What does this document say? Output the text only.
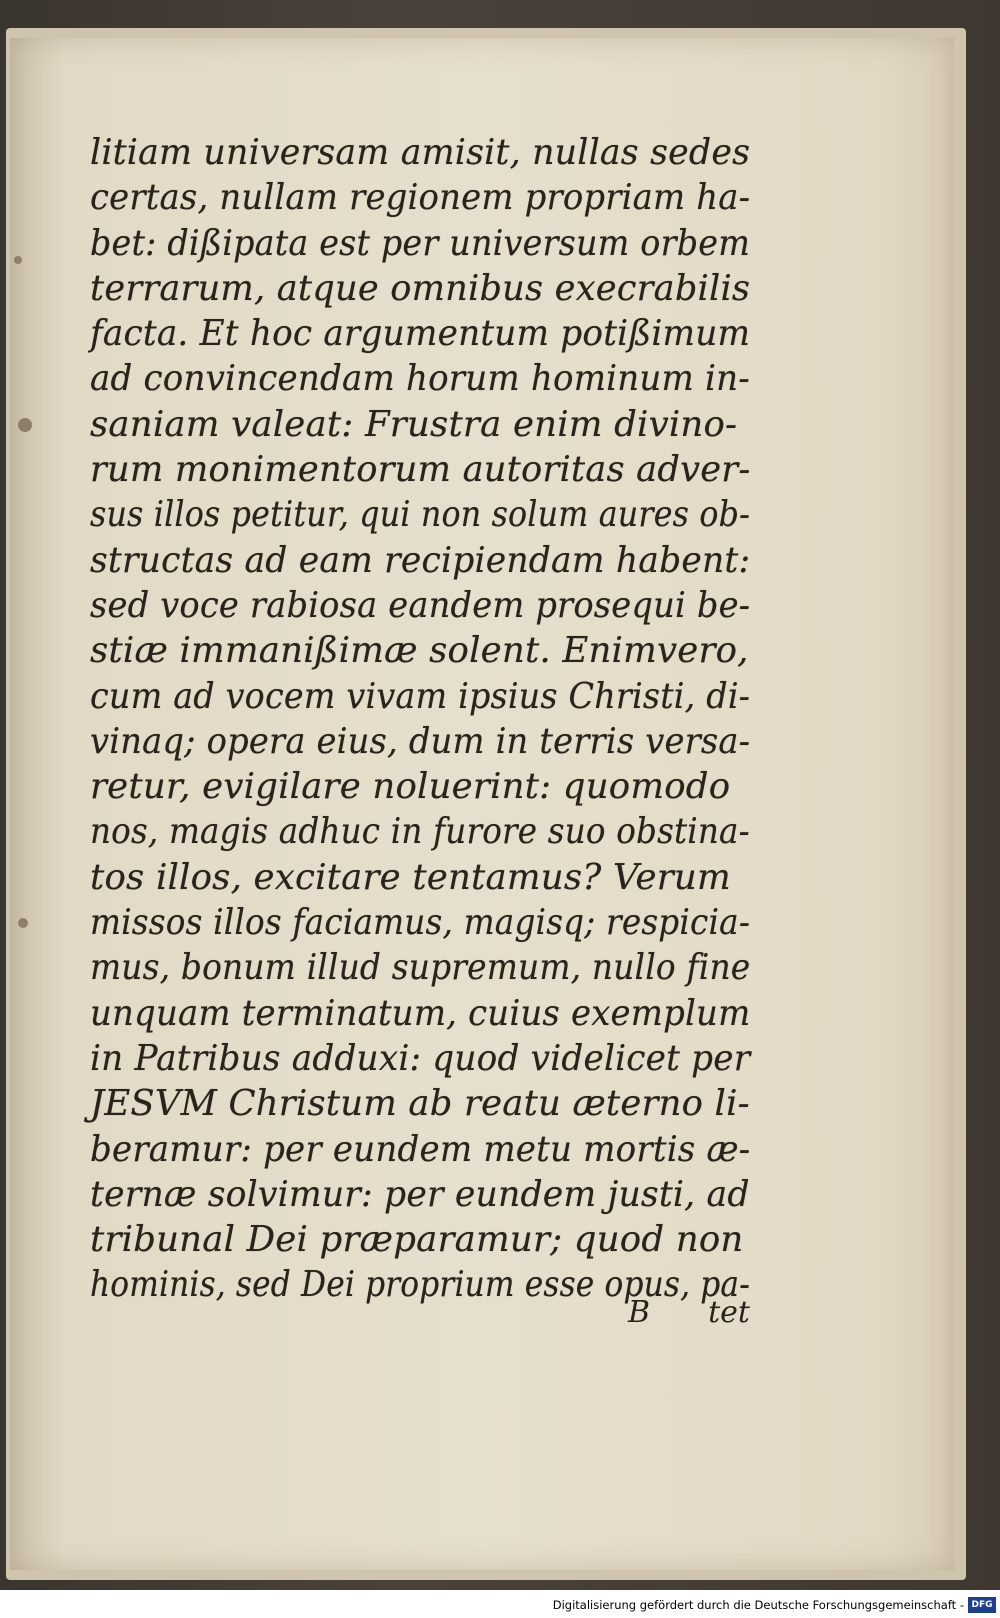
litiam universam amisit, nullas sedes
certas, nullam regionem propriam ha-
bet: dißipata est per universum orbem
terrarum, atque omnibus execrabilis
facta. Et hoc argumentum potißimum
ad convincendam horum hominum in-
saniam valeat: Frustra enim divino-
rum monimentorum autoritas adver-
sus illos petitur, qui non solum aures ob-
structas ad eam recipiendam habent:
sed voce rabiosa eandem prosequi be-
stiæ immanißimæ solent. Enimvero,
cum ad vocem vivam ipsius Christi, di-
vinaq; opera eius, dum in terris versa-
retur, evigilare noluerint: quomodo
nos, magis adhuc in furore suo obstina-
tos illos, excitare tentamus? Verum
missos illos faciamus, magisq; respicia-
mus, bonum illud supremum, nullo fine
unquam terminatum, cuius exemplum
in Patribus adduxi: quod videlicet per
JESVM Christum ab reatu æterno li-
beramur: per eundem metu mortis æ-
ternæ solvimur: per eundem justi, ad
tribunal Dei præparamur; quod non
hominis, sed Dei proprium esse opus, pa-
B tet
Digitalisierung gefördert durch die Deutsche Forschungsgemeinschaft - DFG
